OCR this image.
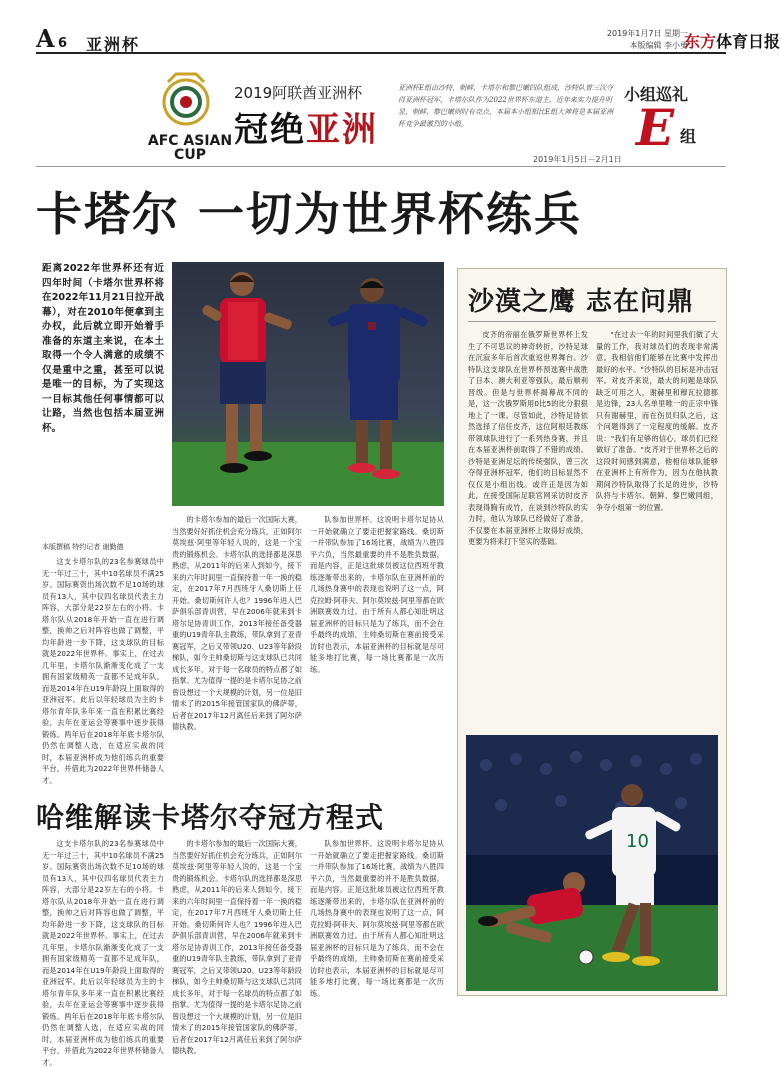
A 6 亚洲杯
2019年1月7日 星期一
本版编辑 李小勇
东方体育日报
AFC ASIAN CUP
2019阿联酋亚洲杯
冠绝亚洲
亚洲杯E组由沙特、朝鲜、卡塔尔和黎巴嫩四队组成，沙特队曾三次夺得亚洲杯冠军，卡塔尔队作为2022世界杯东道主，近年来实力提升明显，朝鲜、黎巴嫩则时有亮点，本届本小组相比E组大神将是本届亚洲杯竞争最激烈的小组。
小组巡礼
E 组
2019年1月5日－2月1日
卡塔尔 一切为世界杯练兵
距离2022年世界杯还有近四年时间（卡塔尔世界杯将在2022年11月21日拉开战幕），对在2010年便拿到主办权，此后就立即开始着手准备的东道主来说，在本土取得一个令人满意的成绩不仅是重中之重，甚至可以说是唯一的目标，为了实现这一目标其他任何事情都可以让路，当然也包括本届亚洲杯。
本版撰稿 特约记者 谢勤德
这支卡塔尔队的23名参赛球员中无一年过三十，其中10名球员不满25岁。国际赛资出场次数不足10场的球员有13人，其中仅四名球员代表主力阵容，大部分是22岁左右的小将。卡塔尔队从2018年开始一直在进行调整，换帅之后对阵容也做了调整，平均年龄进一步下降，这支球队的目标就是2022年世界杯。事实上，在过去几年里，卡塔尔队渐渐变化成了一支拥有国家级精英一直都不足成年队，而是2014年在U19年龄段上面取得的亚洲冠军。此后以年轻球员为主的卡塔尔青年队多年来一直在积累比赛经验，去年在亚运会等赛事中逐步获得锻炼。两年后在2018年年底卡塔尔队仍然在调整人选，在适应实战的同时，本届亚洲杯成为他们练兵的重要平台，并借此为2022年世界杯储备人才。
的卡塔尔参加的最后一次国际大赛，当然要好好抓住机会充分练兵，正如阿尔莫埃兹·阿里等年轻人说的，这是一个宝贵的锻炼机会。卡塔尔队的选择都是深思熟虑，从2011年的后来人到如今，接下来的六年时间里一直保持着一年一换的稳定，在2017年7月西班牙人桑切斯上任开始。桑切斯何许人也？1996年进入巴萨俱乐部青训营，早在2006年就来到卡塔尔足协青训工作，2013年接任备受器重的U19青年队主教练，带队拿到了亚青赛冠军，之后又带领U20、U23等年龄段梯队，如今主帅桑切斯与这支球队已共同成长多年，对于每一名球员的特点都了如指掌。尤为值得一提的是卡塔尔足协之前曾设想过一个大规模的计划，另一位是旧情未了的2015年接管国家队的佛萨蒂，后者在2017年12月离任后来到了阿尔萨德执教。
队参加世界杯。这说明卡塔尔足协从一开始就确立了要走把握家路线。桑切斯一并带队参加了16场比赛，战绩为八胜四平六负，当然最重要的并不是胜负数据，而是内容，正是这批球员被这位西班牙教练逐渐带出来的，卡塔尔队在亚洲杯前的几场热身赛中的表现也说明了这一点，阿克拉姆·阿菲夫、阿尔莫埃兹·阿里等都在欧洲联赛效力过。由于所有人都心知肚明这届亚洲杯的目标只是为了练兵，而不会在乎最终的成绩，主帅桑切斯在赛前接受采访时也表示，本届亚洲杯的目标就是尽可能多地打比赛，每一场比赛都是一次历练。
沙漠之鹰 志在问鼎
皮齐的帝丽在俄罗斯世界杯上发生了不可思议的神奇转折，沙特足球在沉寂多年后首次重返世界舞台。沙特队这支球队在世界杯预选赛中战胜了日本、澳大利亚等强队，最后顺利晋级。但是与世界杯揭幕战不同的是，这一次俄罗斯用0比5的比分狠狠地上了一课。尽管如此，沙特足协依然选择了信任皮齐，这位阿根廷教练带领球队进行了一系列热身赛，并且在本届亚洲杯前取得了不错的成绩。沙特是亚洲足坛的传统强队，曾三次夺得亚洲杯冠军，他们的目标显然不仅仅是小组出线。或许正是因为如此，在接受国际足联官网采访时皮齐表现得胸有成竹，在谈到沙特队的实力时，他认为球队已经做好了准备，不仅要在本届亚洲杯上取得好成绩，更要为将来打下坚实的基础。
"在过去一年的时间里我们做了大量的工作，我对球员们的表现非常满意。我相信他们能够在比赛中发挥出最好的水平。"沙特队的目标是冲击冠军。对皮齐来说，最大的问题是球队缺乏可用之人，谢赫里和穆瓦拉德都是边锋，23人名单里唯一的正宗中锋只有谢赫里，而在伤员归队之后，这个问题得到了一定程度的缓解。皮齐说："我们有足够的信心，球员们已经做好了准备。"皮齐对于世界杯之后的这段时间感到满意，他相信球队能够在亚洲杯上有所作为，因为在他执教期间沙特队取得了长足的进步，沙特队将与卡塔尔、朝鲜、黎巴嫩同组，争夺小组第一的位置。
10
哈维解读卡塔尔夺冠方程式
这支卡塔尔队的23名参赛球员中无一年过三十，其中10名球员不满25岁。国际赛资出场次数不足10场的球员有13人，其中仅四名球员代表主力阵容，大部分是22岁左右的小将。卡塔尔队从2018年开始一直在进行调整，换帅之后对阵容也做了调整，平均年龄进一步下降，这支球队的目标就是2022年世界杯。事实上，在过去几年里，卡塔尔队渐渐变化成了一支拥有国家级精英一直都不足成年队，而是2014年在U19年龄段上面取得的亚洲冠军。此后以年轻球员为主的卡塔尔青年队多年来一直在积累比赛经验，去年在亚运会等赛事中逐步获得锻炼。两年后在2018年年底卡塔尔队仍然在调整人选，在适应实战的同时，本届亚洲杯成为他们练兵的重要平台，并借此为2022年世界杯储备人才。
的卡塔尔参加的最后一次国际大赛，当然要好好抓住机会充分练兵，正如阿尔莫埃兹·阿里等年轻人说的，这是一个宝贵的锻炼机会。卡塔尔队的选择都是深思熟虑，从2011年的后来人到如今，接下来的六年时间里一直保持着一年一换的稳定，在2017年7月西班牙人桑切斯上任开始。桑切斯何许人也？1996年进入巴萨俱乐部青训营，早在2006年就来到卡塔尔足协青训工作，2013年接任备受器重的U19青年队主教练，带队拿到了亚青赛冠军，之后又带领U20、U23等年龄段梯队，如今主帅桑切斯与这支球队已共同成长多年，对于每一名球员的特点都了如指掌。尤为值得一提的是卡塔尔足协之前曾设想过一个大规模的计划，另一位是旧情未了的2015年接管国家队的佛萨蒂，后者在2017年12月离任后来到了阿尔萨德执教。
队参加世界杯。这说明卡塔尔足协从一开始就确立了要走把握家路线。桑切斯一并带队参加了16场比赛，战绩为八胜四平六负，当然最重要的并不是胜负数据，而是内容，正是这批球员被这位西班牙教练逐渐带出来的，卡塔尔队在亚洲杯前的几场热身赛中的表现也说明了这一点，阿克拉姆·阿菲夫、阿尔莫埃兹·阿里等都在欧洲联赛效力过。由于所有人都心知肚明这届亚洲杯的目标只是为了练兵，而不会在乎最终的成绩，主帅桑切斯在赛前接受采访时也表示，本届亚洲杯的目标就是尽可能多地打比赛，每一场比赛都是一次历练。
